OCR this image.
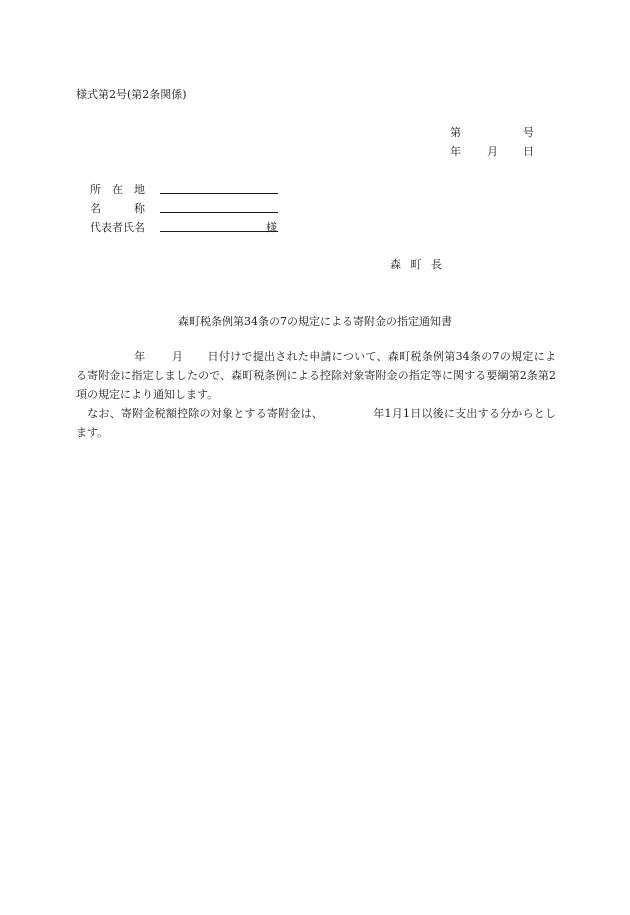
様式第2号(第2条関係)
第	号
年 月 日
所　在　地
名　　　称
代表者氏名	様
森 町 長
森町税条例第34条の7の規定による寄附金の指定通知書
年 月 日付けで提出された申請について、森町税条例第34条の7の規定による寄附金に指定しましたので、森町税条例による控除対象寄附金の指定等に関する要綱第2条第2項の規定により通知します。
なお、寄附金税額控除の対象とする寄附金は、	年1月1日以後に支出する分からとします。
